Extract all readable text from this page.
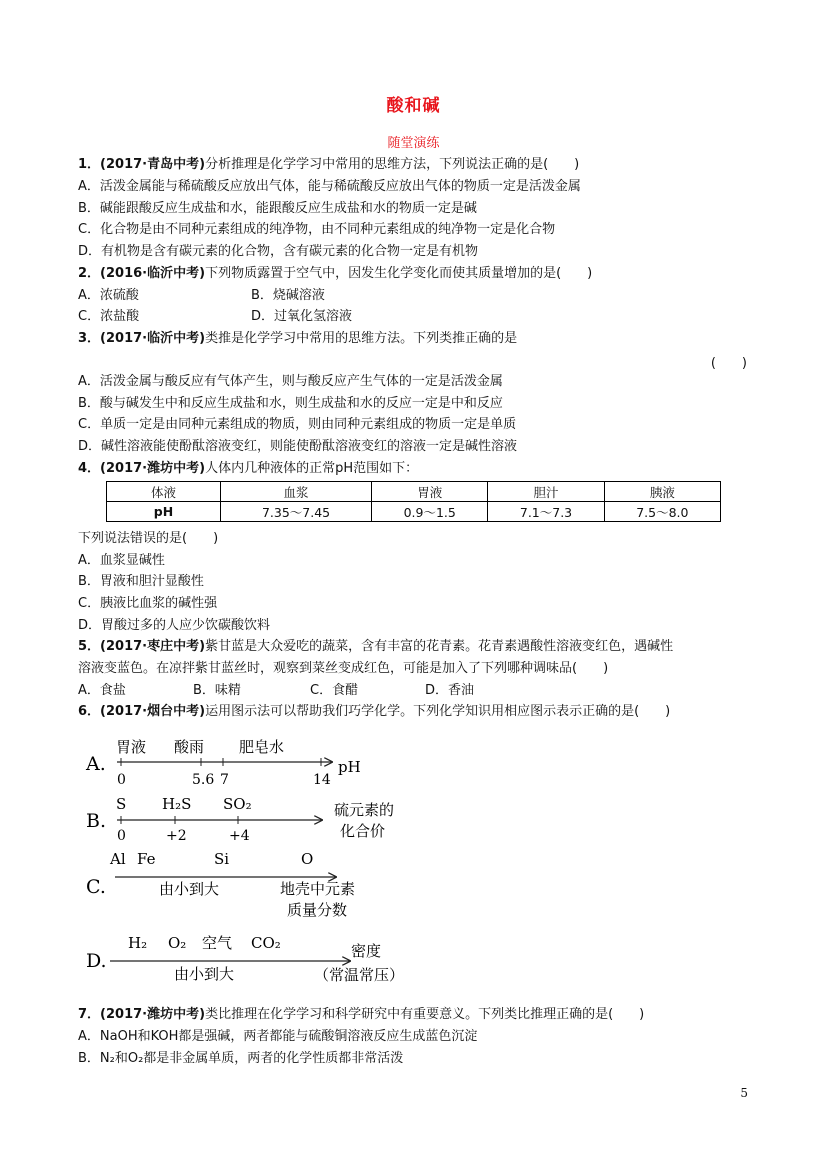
酸和碱
随堂演练
1．(2017·青岛中考)分析推理是化学学习中常用的思维方法，下列说法正确的是(　　)
A．活泼金属能与稀硫酸反应放出气体，能与稀硫酸反应放出气体的物质一定是活泼金属
B．碱能跟酸反应生成盐和水，能跟酸反应生成盐和水的物质一定是碱
C．化合物是由不同种元素组成的纯净物，由不同种元素组成的纯净物一定是化合物
D．有机物是含有碳元素的化合物，含有碳元素的化合物一定是有机物
2．(2016·临沂中考)下列物质露置于空气中，因发生化学变化而使其质量增加的是(　　)
A．浓硫酸	B．烧碱溶液
C．浓盐酸	D．过氧化氢溶液
3．(2017·临沂中考)类推是化学学习中常用的思维方法。下列类推正确的是
(　　)
A．活泼金属与酸反应有气体产生，则与酸反应产生气体的一定是活泼金属
B．酸与碱发生中和反应生成盐和水，则生成盐和水的反应一定是中和反应
C．单质一定是由同种元素组成的物质，则由同种元素组成的物质一定是单质
D．碱性溶液能使酚酞溶液变红，则能使酚酞溶液变红的溶液一定是碱性溶液
4．(2017·潍坊中考)人体内几种液体的正常pH范围如下：
体液	血浆	胃液	胆汁	胰液
pH	7.35～7.45	0.9～1.5	7.1～7.3	7.5～8.0
下列说法错误的是(　　)
A．血浆显碱性
B．胃液和胆汁显酸性
C．胰液比血浆的碱性强
D．胃酸过多的人应少饮碳酸饮料
5．(2017·枣庄中考)紫甘蓝是大众爱吃的蔬菜，含有丰富的花青素。花青素遇酸性溶液变红色，遇碱性
溶液变蓝色。在凉拌紫甘蓝丝时，观察到菜丝变成红色，可能是加入了下列哪种调味品(　　)
A．食盐	B．味精	C．食醋	D．香油
6．(2017·烟台中考)运用图示法可以帮助我们巧学化学。下列化学知识用相应图示表示正确的是(　　)
A.
胃液 酸雨 肥皂水
0	5.6 7	14
pH
B.
S H₂S SO₂
0	+2	+4
硫元素的
化合价
C.
Al Fe	Si	O
由小到大	地壳中元素
质量分数
D.
H₂ O₂ 空气 CO₂
由小到大
密度
（常温常压）
7．(2017·潍坊中考)类比推理在化学学习和科学研究中有重要意义。下列类比推理正确的是(　　)
A．NaOH和KOH都是强碱，两者都能与硫酸铜溶液反应生成蓝色沉淀
B．N₂和O₂都是非金属单质，两者的化学性质都非常活泼
5
